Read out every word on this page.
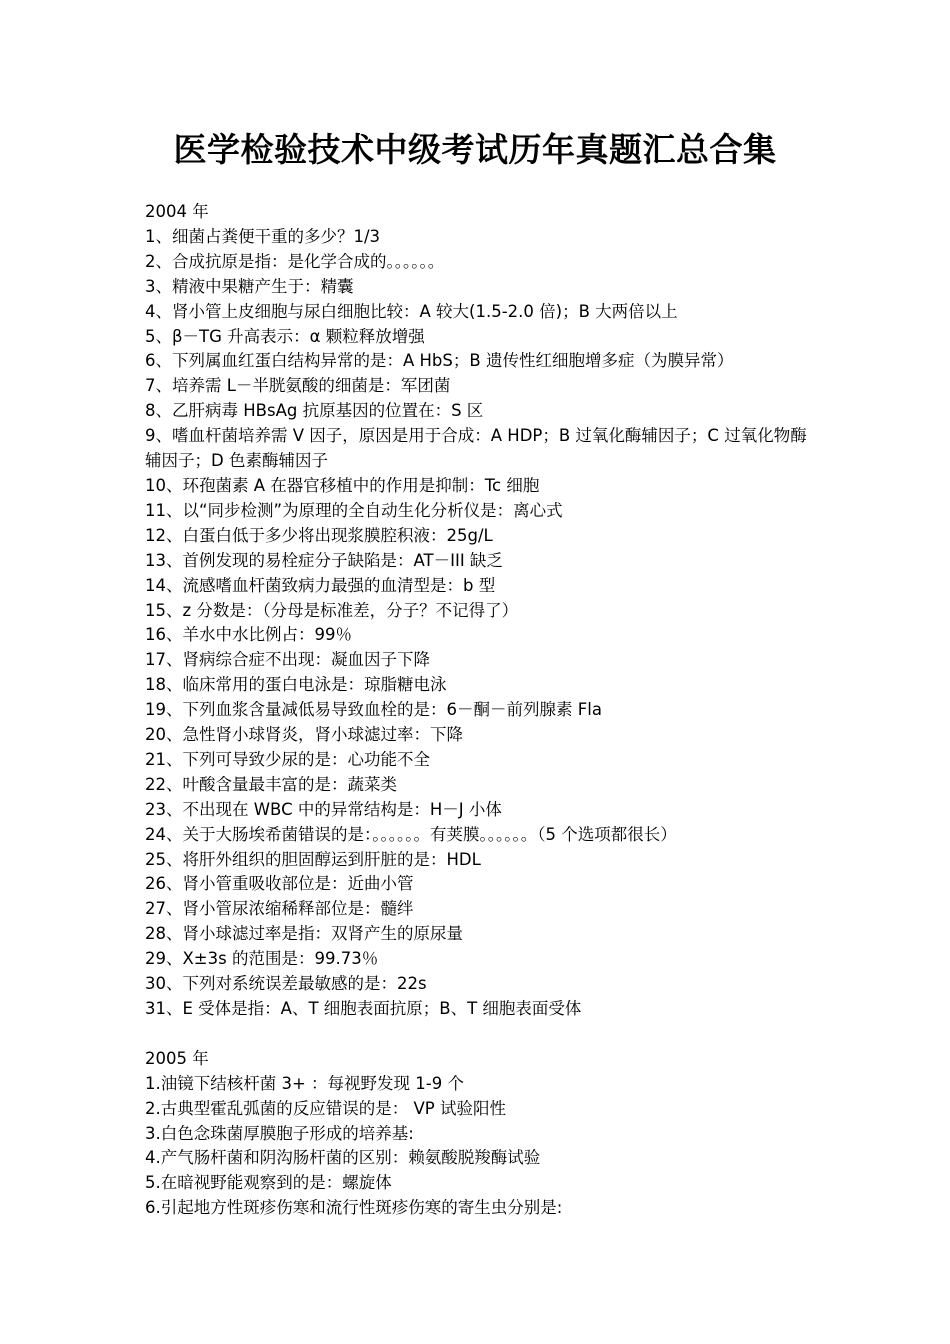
医学检验技术中级考试历年真题汇总合集
2004 年
1、细菌占粪便干重的多少？1/3
2、合成抗原是指：是化学合成的。。。。。。
3、精液中果糖产生于：精囊
4、肾小管上皮细胞与尿白细胞比较：A 较大(1.5-2.0 倍)；B 大两倍以上
5、β－TG 升高表示：α 颗粒释放增强
6、下列属血红蛋白结构异常的是：A HbS；B 遗传性红细胞增多症（为膜异常）
7、培养需 L－半胱氨酸的细菌是：军团菌
8、乙肝病毒 HBsAg 抗原基因的位置在：S 区
9、嗜血杆菌培养需 V 因子，原因是用于合成：A HDP；B 过氧化酶辅因子；C 过氧化物酶辅因子；D 色素酶辅因子
10、环孢菌素 A 在器官移植中的作用是抑制：Tc 细胞
11、以“同步检测”为原理的全自动生化分析仪是：离心式
12、白蛋白低于多少将出现浆膜腔积液：25g/L
13、首例发现的易栓症分子缺陷是：AT－III 缺乏
14、流感嗜血杆菌致病力最强的血清型是：b 型
15、z 分数是：（分母是标准差，分子？不记得了）
16、羊水中水比例占：99％
17、肾病综合症不出现：凝血因子下降
18、临床常用的蛋白电泳是：琼脂糖电泳
19、下列血浆含量减低易导致血栓的是：6－酮－前列腺素 Fla
20、急性肾小球肾炎，肾小球滤过率：下降
21、下列可导致少尿的是：心功能不全
22、叶酸含量最丰富的是：蔬菜类
23、不出现在 WBC 中的异常结构是：H－J 小体
24、关于大肠埃希菌错误的是：。。。。。。有荚膜。。。。。。（5 个选项都很长）
25、将肝外组织的胆固醇运到肝脏的是：HDL
26、肾小管重吸收部位是：近曲小管
27、肾小管尿浓缩稀释部位是：髓绊
28、肾小球滤过率是指：双肾产生的原尿量
29、X±3s 的范围是：99.73％
30、下列对系统误差最敏感的是：22s
31、E 受体是指：A、T 细胞表面抗原；B、T 细胞表面受体
2005 年
1.油镜下结核杆菌 3+ ：每视野发现 1-9 个
2.古典型霍乱弧菌的反应错误的是： VP 试验阳性
3.白色念珠菌厚膜胞子形成的培养基:
4.产气肠杆菌和阴沟肠杆菌的区别：赖氨酸脱羧酶试验
5.在暗视野能观察到的是：螺旋体
6.引起地方性斑疹伤寒和流行性斑疹伤寒的寄生虫分别是:
